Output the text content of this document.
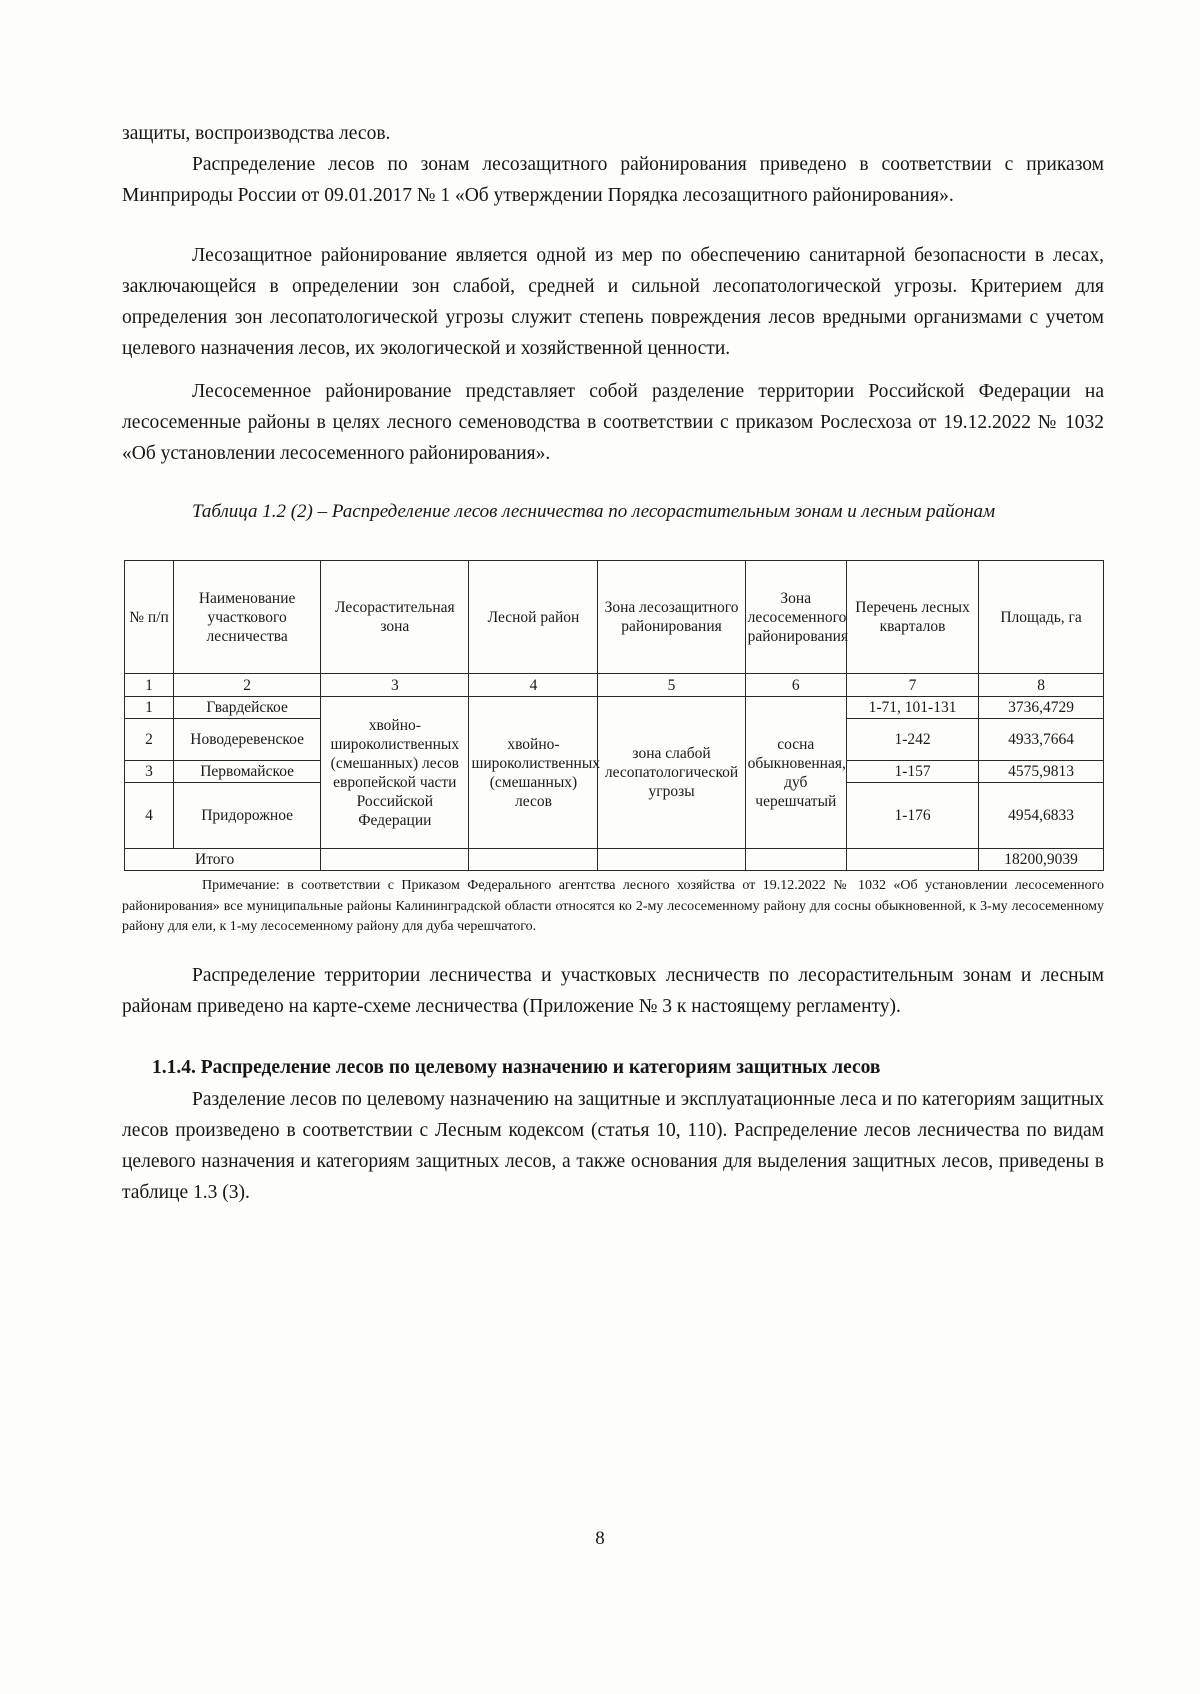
защиты, воспроизводства лесов.

Распределение лесов по зонам лесозащитного районирования приведено в соответствии с приказом Минприроды России от 09.01.2017 № 1 «Об утверждении Порядка лесозащитного районирования».

Лесозащитное районирование является одной из мер по обеспечению санитарной безопасности в лесах, заключающейся в определении зон слабой, средней и сильной лесопатологической угрозы. Критерием для определения зон лесопатологической угрозы служит степень повреждения лесов вредными организмами с учетом целевого назначения лесов, их экологической и хозяйственной ценности.

Лесосеменное районирование представляет собой разделение территории Российской Федерации на лесосеменные районы в целях лесного семеноводства в соответствии с приказом Рослесхоза от 19.12.2022 № 1032 «Об установлении лесосеменного районирования».

Таблица 1.2 (2) – Распределение лесов лесничества по лесорастительным зонам и лесным районам

№ п/п	Наименование участкового лесничества	Лесорастительная зона	Лесной район	Зона лесозащитного районирования	Зона лесосеменного районирования	Перечень лесных кварталов	Площадь, га
1	2	3	4	5	6	7	8
1	Гвардейское	хвойно-широколиственных (смешанных) лесов европейской части Российской Федерации	хвойно-широколиственных (смешанных) лесов	зона слабой лесопатологической угрозы	сосна обыкновенная, дуб черешчатый	1-71, 101-131	3736,4729
2	Новодеревенское					1-242	4933,7664
3	Первомайское					1-157	4575,9813
4	Придорожное					1-176	4954,6833
Итого							18200,9039

Примечание: в соответствии с Приказом Федерального агентства лесного хозяйства от 19.12.2022 № 1032 «Об установлении лесосеменного районирования» все муниципальные районы Калининградской области относятся ко 2-му лесосеменному району для сосны обыкновенной, к 3-му лесосеменному району для ели, к 1-му лесосеменному району для дуба черешчатого.

Распределение территории лесничества и участковых лесничеств по лесорастительным зонам и лесным районам приведено на карте-схеме лесничества (Приложение № 3 к настоящему регламенту).

1.1.4. Распределение лесов по целевому назначению и категориям защитных лесов

Разделение лесов по целевому назначению на защитные и эксплуатационные леса и по категориям защитных лесов произведено в соответствии с Лесным кодексом (статья 10, 110). Распределение лесов лесничества по видам целевого назначения и категориям защитных лесов, а также основания для выделения защитных лесов, приведены в таблице 1.3 (3).

8
